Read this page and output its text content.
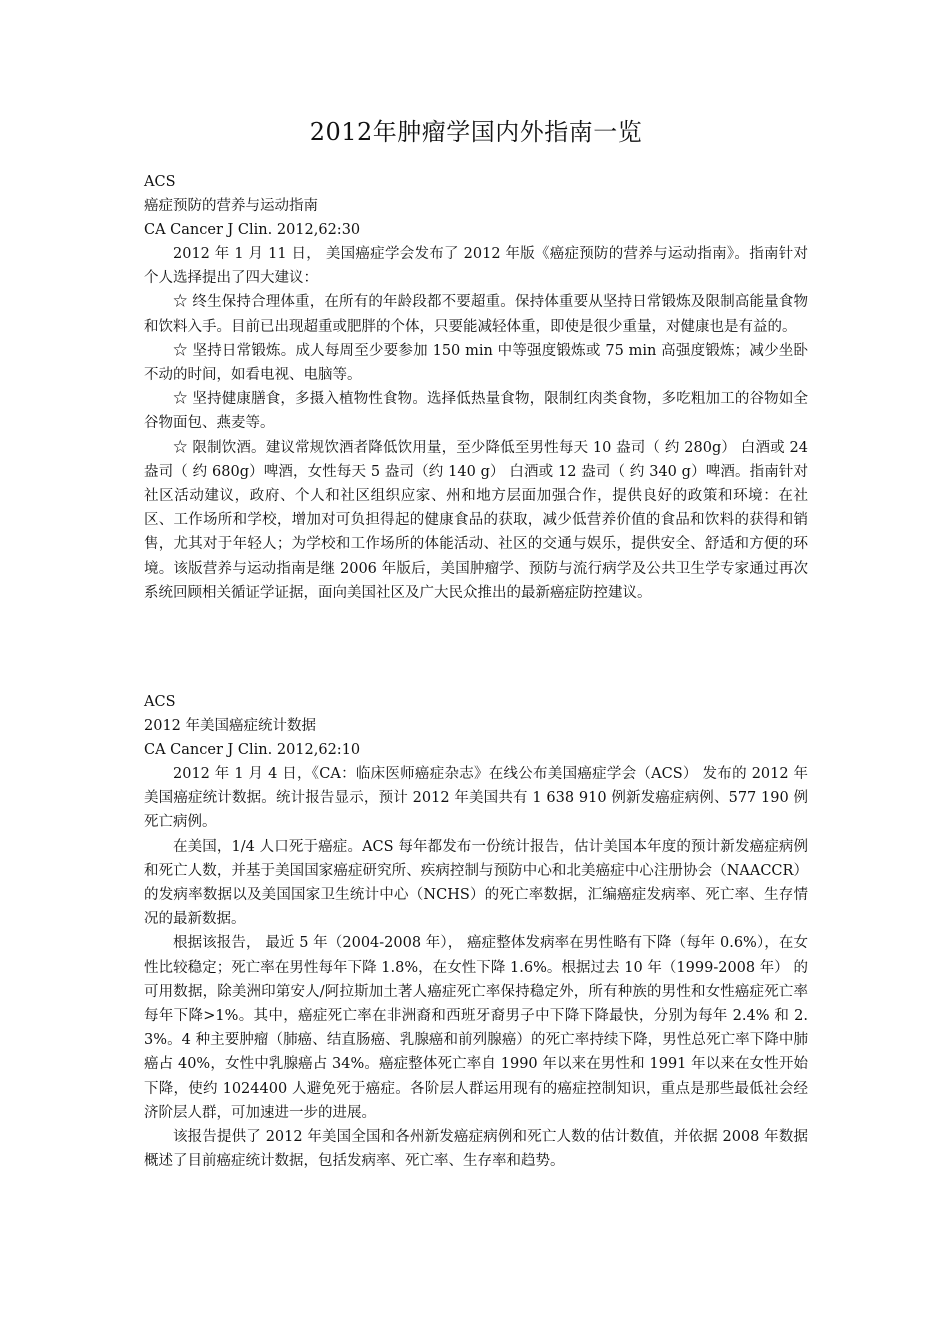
2012年肿瘤学国内外指南一览

ACS

癌症预防的营养与运动指南

CA Cancer J Clin. 2012,62:30

2012 年 1 月 11 日， 美国癌症学会发布了 2012 年版《癌症预防的营养与运动指南》。指南针对个人选择提出了四大建议：

☆ 终生保持合理体重，在所有的年龄段都不要超重。保持体重要从坚持日常锻炼及限制高能量食物和饮料入手。目前已出现超重或肥胖的个体，只要能减轻体重，即使是很少重量，对健康也是有益的。

☆ 坚持日常锻炼。成人每周至少要参加 150 min 中等强度锻炼或 75 min 高强度锻炼；减少坐卧不动的时间，如看电视、电脑等。

☆ 坚持健康膳食，多摄入植物性食物。选择低热量食物，限制红肉类食物，多吃粗加工的谷物如全谷物面包、燕麦等。

☆ 限制饮酒。建议常规饮酒者降低饮用量，至少降低至男性每天 10 盎司（ 约 280g） 白酒或 24 盎司（ 约 680g）啤酒，女性每天 5 盎司（约 140 g） 白酒或 12 盎司（ 约 340 g）啤酒。指南针对社区活动建议，政府、个人和社区组织应家、州和地方层面加强合作，提供良好的政策和环境：在社区、工作场所和学校，增加对可负担得起的健康食品的获取，减少低营养价值的食品和饮料的获得和销售，尤其对于年轻人；为学校和工作场所的体能活动、社区的交通与娱乐，提供安全、舒适和方便的环境。该版营养与运动指南是继 2006 年版后，美国肿瘤学、预防与流行病学及公共卫生学专家通过再次系统回顾相关循证学证据，面向美国社区及广大民众推出的最新癌症防控建议。

ACS

2012 年美国癌症统计数据

CA Cancer J Clin. 2012,62:10

2012 年 1 月 4 日，《CA：临床医师癌症杂志》在线公布美国癌症学会（ACS） 发布的 2012 年美国癌症统计数据。统计报告显示，预计 2012 年美国共有 1 638 910 例新发癌症病例、577 190 例死亡病例。

在美国，1/4 人口死于癌症。ACS 每年都发布一份统计报告，估计美国本年度的预计新发癌症病例和死亡人数，并基于美国国家癌症研究所、疾病控制与预防中心和北美癌症中心注册协会（NAACCR） 的发病率数据以及美国国家卫生统计中心（NCHS）的死亡率数据，汇编癌症发病率、死亡率、生存情况的最新数据。

根据该报告， 最近 5 年（2004-2008 年）， 癌症整体发病率在男性略有下降（每年 0.6%），在女性比较稳定；死亡率在男性每年下降 1.8%，在女性下降 1.6%。根据过去 10 年（1999-2008 年） 的可用数据，除美洲印第安人/阿拉斯加土著人癌症死亡率保持稳定外，所有种族的男性和女性癌症死亡率每年下降>1%。其中，癌症死亡率在非洲裔和西班牙裔男子中下降下降最快，分别为每年 2.4% 和 2.3%。4 种主要肿瘤（肺癌、结直肠癌、乳腺癌和前列腺癌）的死亡率持续下降，男性总死亡率下降中肺癌占 40%，女性中乳腺癌占 34%。癌症整体死亡率自 1990 年以来在男性和 1991 年以来在女性开始下降，使约 1024400 人避免死于癌症。各阶层人群运用现有的癌症控制知识，重点是那些最低社会经济阶层人群，可加速进一步的进展。

该报告提供了 2012 年美国全国和各州新发癌症病例和死亡人数的估计数值，并依据 2008 年数据概述了目前癌症统计数据，包括发病率、死亡率、生存率和趋势。
